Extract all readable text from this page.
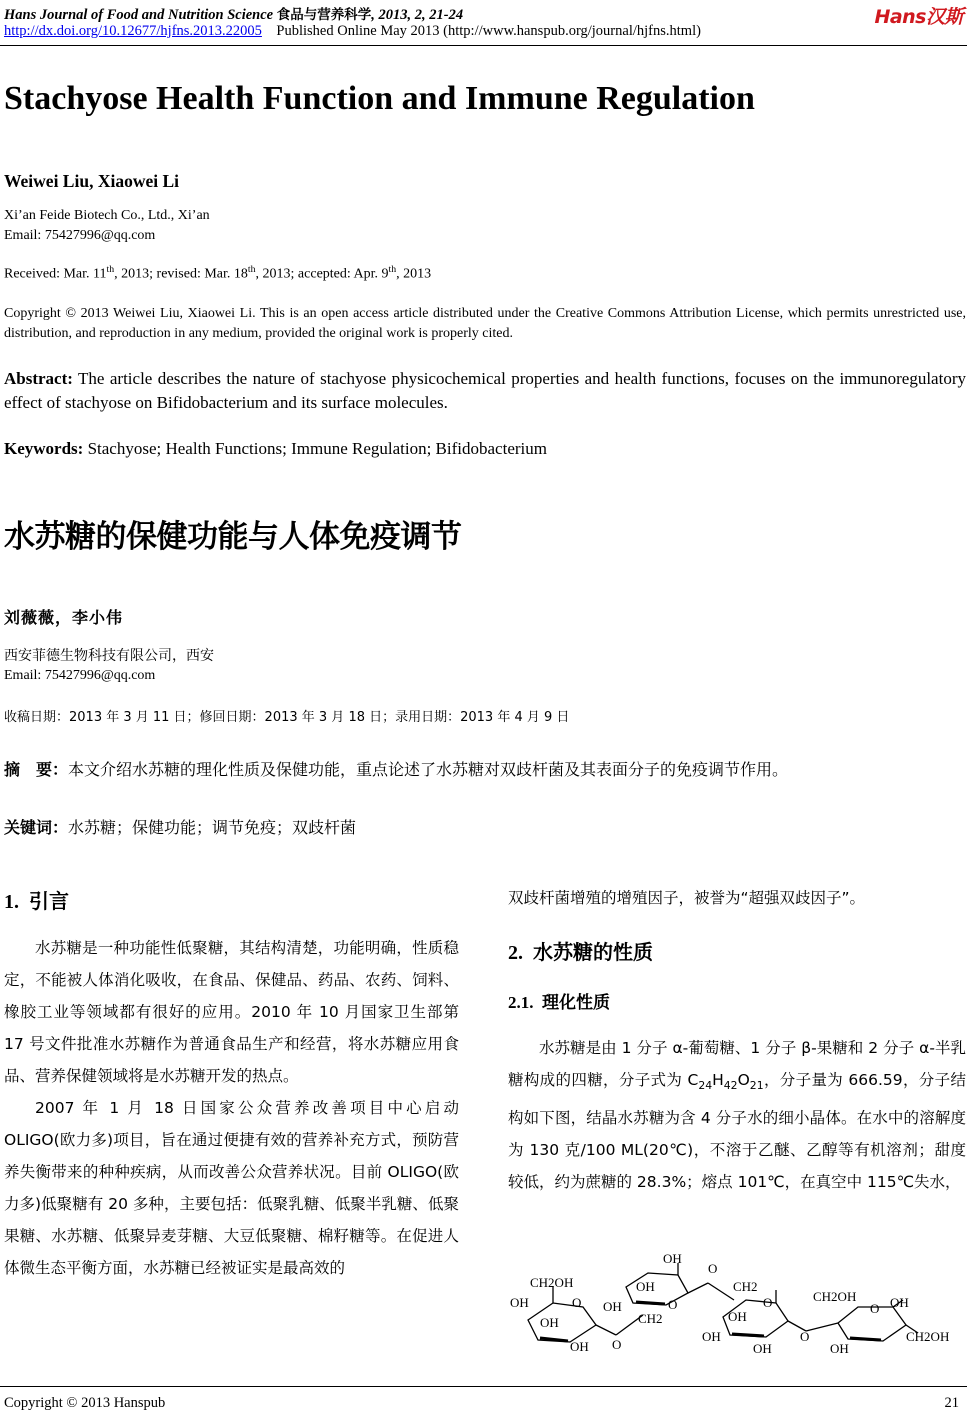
Hans Journal of Food and Nutrition Science 食品与营养科学, 2013, 2, 21-24
http://dx.doi.org/10.12677/hjfns.2013.22005 Published Online May 2013 (http://www.hanspub.org/journal/hjfns.html)
Hans汉斯
Stachyose Health Function and Immune Regulation
Weiwei Liu, Xiaowei Li
Xi’an Feide Biotech Co., Ltd., Xi’an
Email: 75427996@qq.com
Received: Mar. 11th, 2013; revised: Mar. 18th, 2013; accepted: Apr. 9th, 2013
Copyright © 2013 Weiwei Liu, Xiaowei Li. This is an open access article distributed under the Creative Commons Attribution License, which permits unrestricted use, distribution, and reproduction in any medium, provided the original work is properly cited.
Abstract: The article describes the nature of stachyose physicochemical properties and health functions, focuses on the immunoregulatory effect of stachyose on Bifidobacterium and its surface molecules.
Keywords: Stachyose; Health Functions; Immune Regulation; Bifidobacterium
水苏糖的保健功能与人体免疫调节
刘薇薇，李小伟
西安菲德生物科技有限公司，西安
Email: 75427996@qq.com
收稿日期：2013 年 3 月 11 日；修回日期：2013 年 3 月 18 日；录用日期：2013 年 4 月 9 日
摘　要：本文介绍水苏糖的理化性质及保健功能，重点论述了水苏糖对双歧杆菌及其表面分子的免疫调节作用。
关键词：水苏糖；保健功能；调节免疫；双歧杆菌
1. 引言

水苏糖是一种功能性低聚糖，其结构清楚，功能明确，性质稳定，不能被人体消化吸收，在食品、保健品、药品、农药、饲料、橡胶工业等领域都有很好的应用。2010 年 10 月国家卫生部第 17 号文件批准水苏糖作为普通食品生产和经营，将水苏糖应用食品、营养保健领域将是水苏糖开发的热点。

2007 年 1 月 18 日国家公众营养改善项目中心启动 OLIGO(欧力多)项目，旨在通过便捷有效的营养补充方式，预防营养失衡带来的种种疾病，从而改善公众营养状况。目前 OLIGO(欧力多)低聚糖有 20 多种，主要包括：低聚乳糖、低聚半乳糖、低聚果糖、水苏糖、低聚异麦芽糖、大豆低聚糖、棉籽糖等。在促进人体微生态平衡方面，水苏糖已经被证实是最高效的

双歧杆菌增殖的增殖因子，被誉为“超强双歧因子”。
2. 水苏糖的性质
2.1. 理化性质

水苏糖是由 1 分子 α-葡萄糖、1 分子 β-果糖和 2 分子 α-半乳糖构成的四糖，分子式为 $C_{24}H_{42}O_{21}$，分子量为 666.59，分子结构如下图，结晶水苏糖为含 4 分子水的细小晶体。在水中的溶解度为 130 克/100 ML(20℃)，不溶于乙醚、乙醇等有机溶剂；甜度较低，约为蔗糖的 28.3%；熔点 101℃，在真空中 115℃失水，

CH2OH
OH	O
OH
OH O
OH
OH
OH
O
CH2
O
CH2
O
OH
OH
OH
O
CH2OH
O OH
OH
CH2OH
Copyright © 2013 Hanspub	21
